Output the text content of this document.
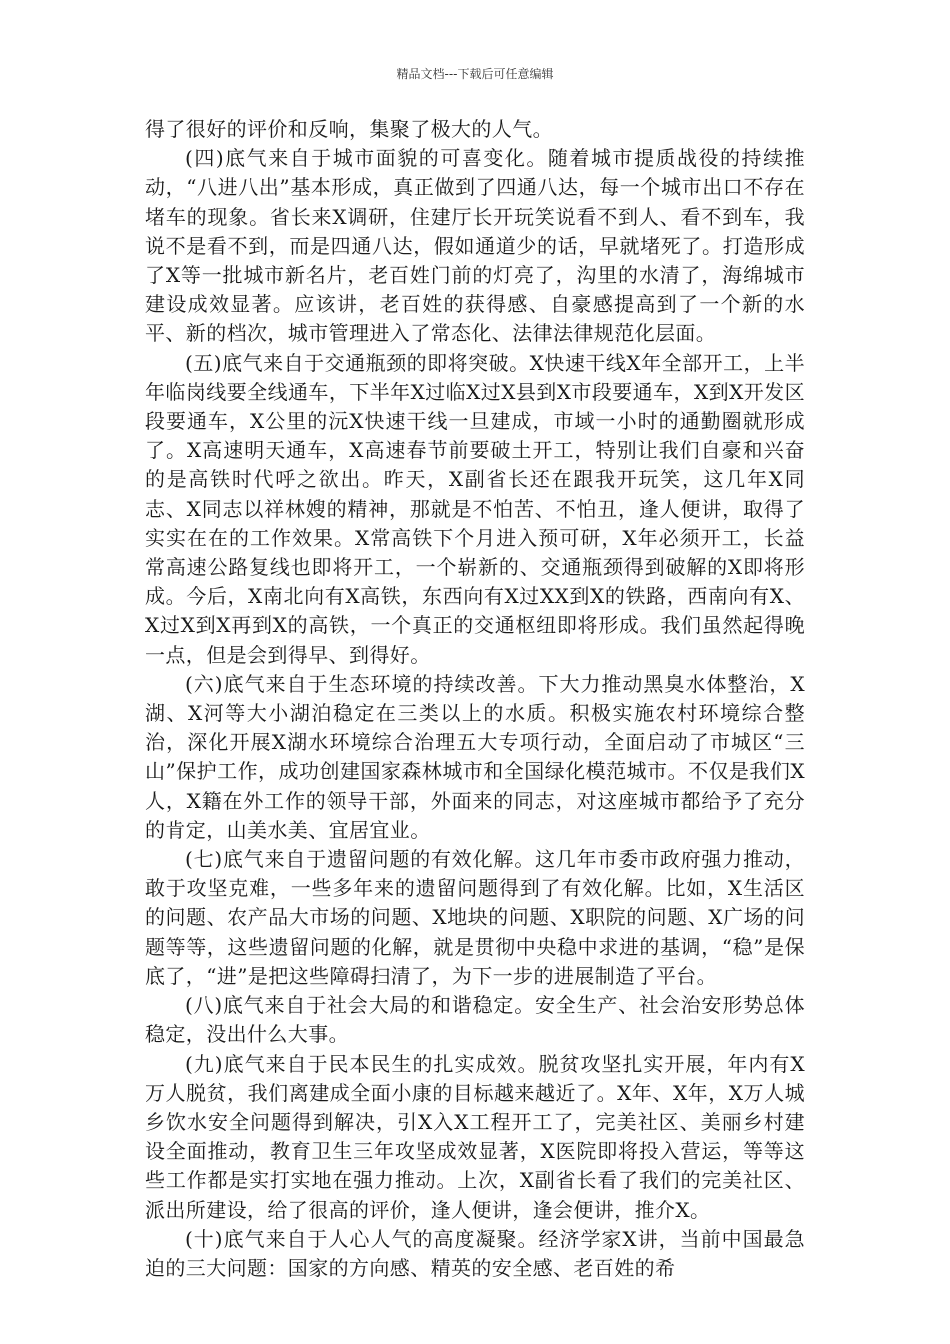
精品文档---下载后可任意编辑

得了很好的评价和反响，集聚了极大的人气。

(四)底气来自于城市面貌的可喜变化。随着城市提质战役的持续推动，“八进八出”基本形成，真正做到了四通八达，每一个城市出口不存在堵车的现象。省长来X调研，住建厅长开玩笑说看不到人、看不到车，我说不是看不到，而是四通八达，假如通道少的话，早就堵死了。打造形成了X等一批城市新名片，老百姓门前的灯亮了，沟里的水清了，海绵城市建设成效显著。应该讲，老百姓的获得感、自豪感提高到了一个新的水平、新的档次，城市管理进入了常态化、法律法律规范化层面。

(五)底气来自于交通瓶颈的即将突破。X快速干线X年全部开工，上半年临岗线要全线通车，下半年X过临X过X县到X市段要通车，X到X开发区段要通车，X公里的沅X快速干线一旦建成，市域一小时的通勤圈就形成了。X高速明天通车，X高速春节前要破土开工，特别让我们自豪和兴奋的是高铁时代呼之欲出。昨天，X副省长还在跟我开玩笑，这几年X同志、X同志以祥林嫂的精神，那就是不怕苦、不怕丑，逢人便讲，取得了实实在在的工作效果。X常高铁下个月进入预可研，X年必须开工，长益常高速公路复线也即将开工，一个崭新的、交通瓶颈得到破解的X即将形成。今后，X南北向有X高铁，东西向有X过XX到X的铁路，西南向有X、X过X到X再到X的高铁，一个真正的交通枢纽即将形成。我们虽然起得晚一点，但是会到得早、到得好。

(六)底气来自于生态环境的持续改善。下大力推动黑臭水体整治，X湖、X河等大小湖泊稳定在三类以上的水质。积极实施农村环境综合整治，深化开展X湖水环境综合治理五大专项行动，全面启动了市城区“三山”保护工作，成功创建国家森林城市和全国绿化模范城市。不仅是我们X人，X籍在外工作的领导干部，外面来的同志，对这座城市都给予了充分的肯定，山美水美、宜居宜业。

(七)底气来自于遗留问题的有效化解。这几年市委市政府强力推动，敢于攻坚克难，一些多年来的遗留问题得到了有效化解。比如，X生活区的问题、农产品大市场的问题、X地块的问题、X职院的问题、X广场的问题等等，这些遗留问题的化解，就是贯彻中央稳中求进的基调，“稳”是保底了，“进”是把这些障碍扫清了，为下一步的进展制造了平台。

(八)底气来自于社会大局的和谐稳定。安全生产、社会治安形势总体稳定，没出什么大事。

(九)底气来自于民本民生的扎实成效。脱贫攻坚扎实开展，年内有X万人脱贫，我们离建成全面小康的目标越来越近了。X年、X年，X万人城乡饮水安全问题得到解决，引X入X工程开工了，完美社区、美丽乡村建设全面推动，教育卫生三年攻坚成效显著，X医院即将投入营运，等等这些工作都是实打实地在强力推动。上次，X副省长看了我们的完美社区、派出所建设，给了很高的评价，逢人便讲，逢会便讲，推介X。

(十)底气来自于人心人气的高度凝聚。经济学家X讲，当前中国最急迫的三大问题：国家的方向感、精英的安全感、老百姓的希
